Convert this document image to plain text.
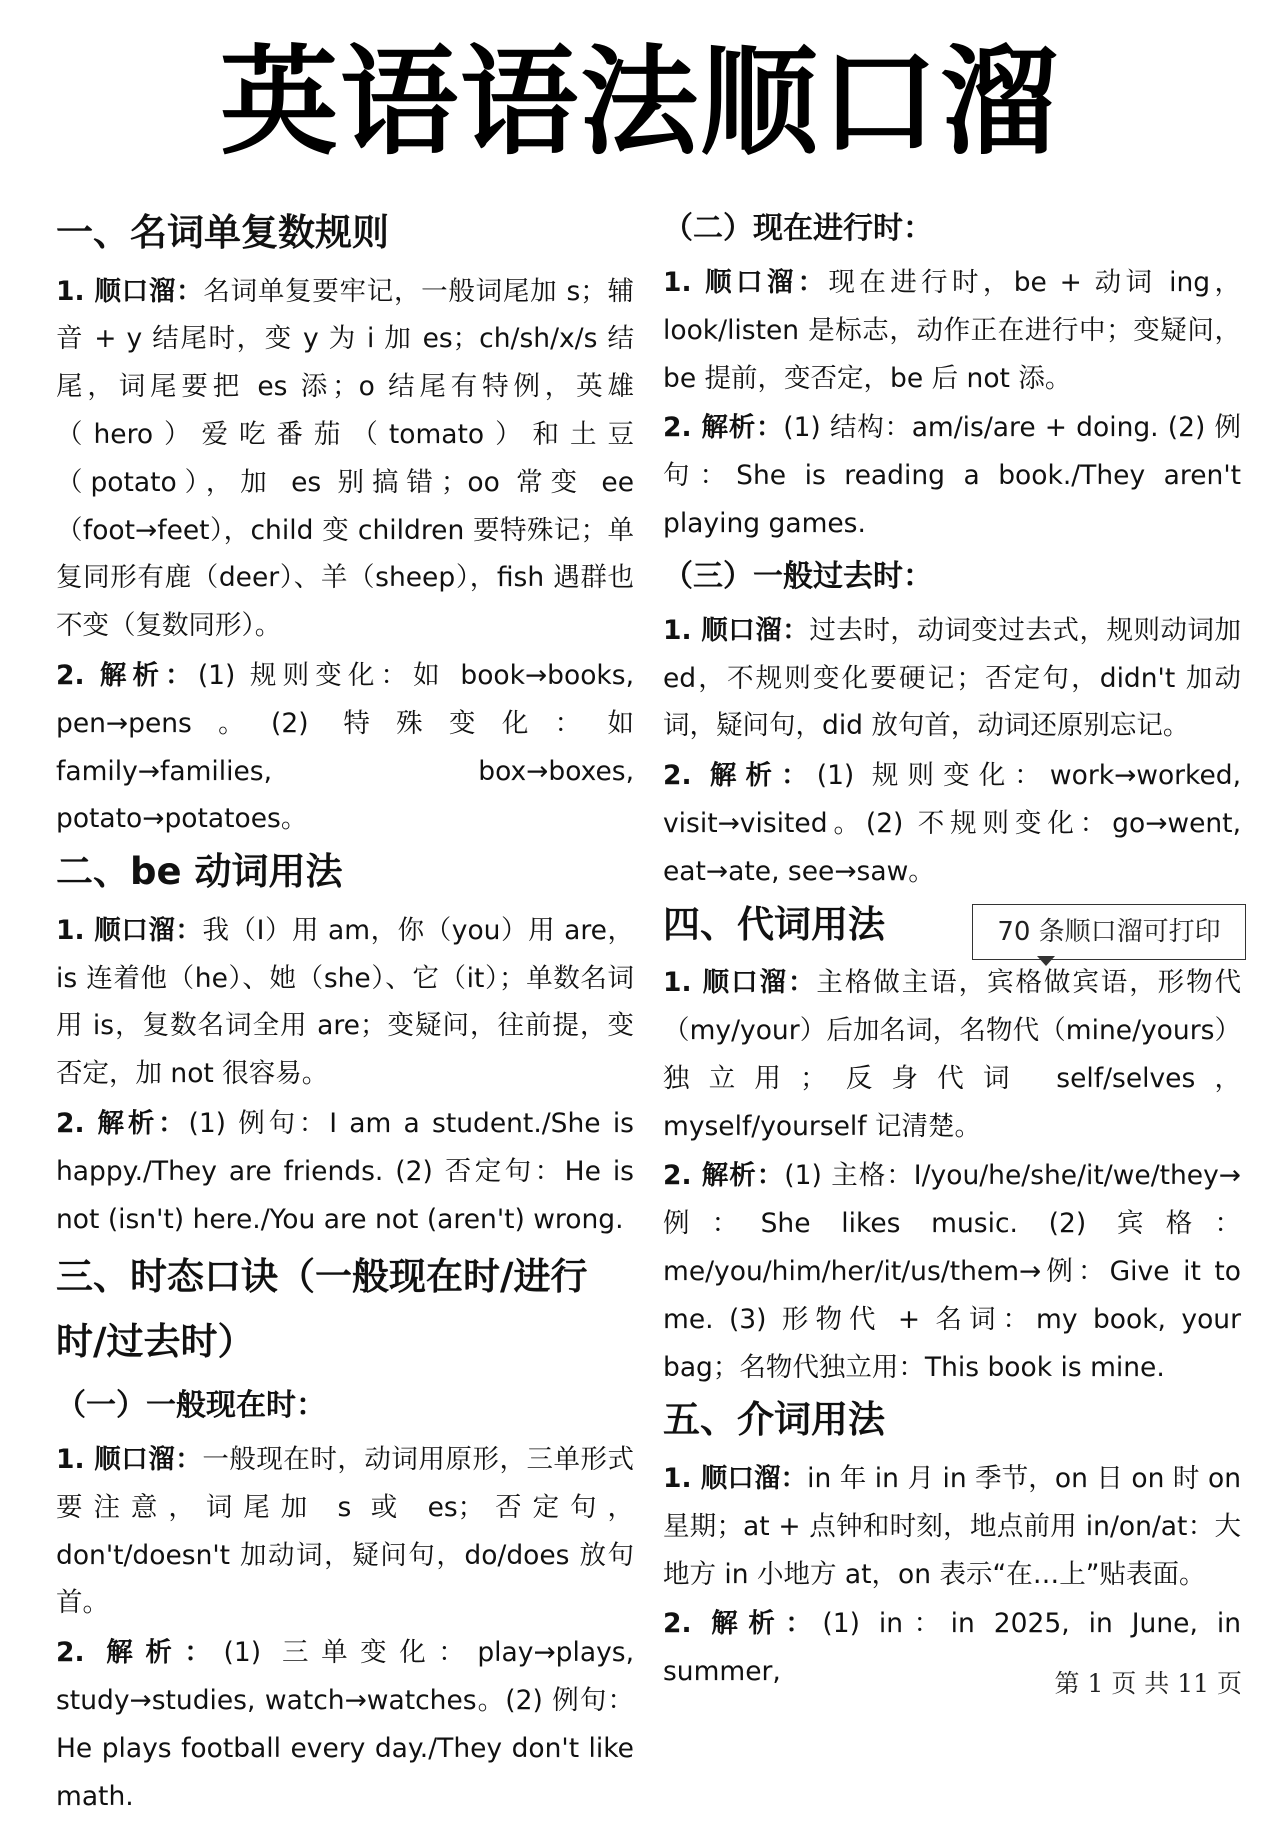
英语语法顺口溜
一、名词单复数规则

1. 顺口溜：名词单复要牢记，一般词尾加 s；辅音 + y 结尾时，变 y 为 i 加 es；ch/sh/x/s 结尾，词尾要把 es 添；o 结尾有特例，英雄（hero）爱吃番茄（tomato）和土豆（potato），加 es 别搞错；oo 常变 ee（foot→feet），child 变 children 要特殊记；单复同形有鹿（deer）、羊（sheep），fish 遇群也不变（复数同形）。

2. 解析：(1) 规则变化：如 book→books, pen→pens。(2) 特殊变化：如 family→families, box→boxes, potato→potatoes。

二、be 动词用法

1. 顺口溜：我（I）用 am，你（you）用 are，is 连着他（he）、她（she）、它（it）；单数名词用 is，复数名词全用 are；变疑问，往前提，变否定，加 not 很容易。

2. 解析：(1) 例句：I am a student./She is happy./They are friends. (2) 否定句：He is not (isn't) here./You are not (aren't) wrong.

三、时态口诀（一般现在时/进行时/过去时）
（一）一般现在时：

1. 顺口溜：一般现在时，动词用原形，三单形式要注意，词尾加 s 或 es；否定句，don't/doesn't 加动词，疑问句，do/does 放句首。

2. 解析：(1) 三单变化：play→plays, study→studies, watch→watches。(2) 例句：He plays football every day./They don't like math.

（二）现在进行时：

1. 顺口溜：现在进行时，be + 动词 ing，look/listen 是标志，动作正在进行中；变疑问，be 提前，变否定，be 后 not 添。

2. 解析：(1) 结构：am/is/are + doing. (2) 例句：She is reading a book./They aren't playing games.

（三）一般过去时：

1. 顺口溜：过去时，动词变过去式，规则动词加 ed，不规则变化要硬记；否定句，didn't 加动词，疑问句，did 放句首，动词还原别忘记。

2. 解析：(1) 规则变化：work→worked, visit→visited。(2) 不规则变化：go→went, eat→ate, see→saw。

四、代词用法

1. 顺口溜：主格做主语，宾格做宾语，形物代（my/your）后加名词，名物代（mine/yours）独立用；反身代词 self/selves，myself/yourself 记清楚。

2. 解析：(1) 主格：I/you/he/she/it/we/they→例：She likes music. (2) 宾格：me/you/him/her/it/us/them→例：Give it to me. (3) 形物代 + 名词：my book, your bag；名物代独立用：This book is mine.

五、介词用法

1. 顺口溜：in 年 in 月 in 季节，on 日 on 时 on 星期；at + 点钟和时刻，地点前用 in/on/at：大地方 in 小地方 at，on 表示“在…上”贴表面。

2. 解析：(1) in：in 2025, in June, in summer,

70 条顺口溜可打印
第 1 页 共 11 页
